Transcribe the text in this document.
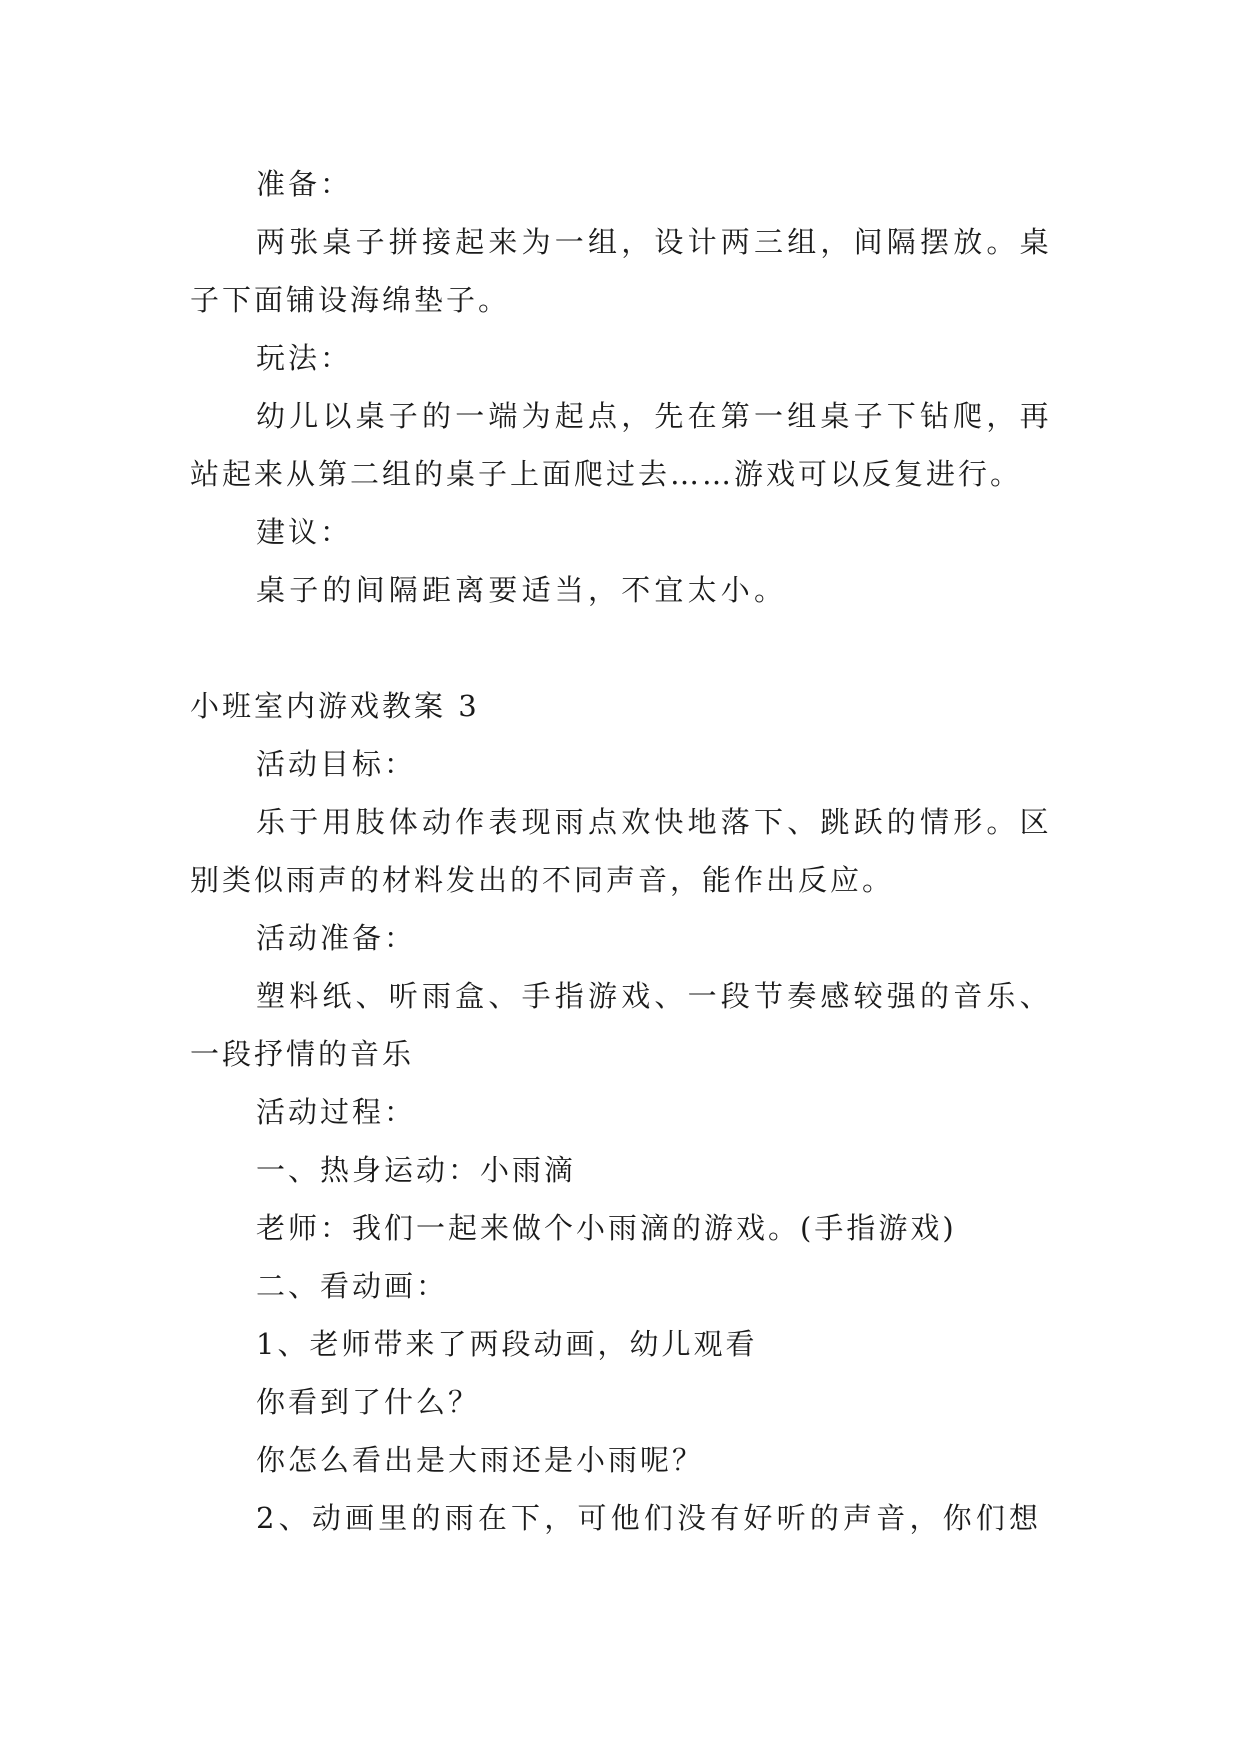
准备：
两张桌子拼接起来为一组，设计两三组，间隔摆放。桌
子下面铺设海绵垫子。
玩法：
幼儿以桌子的一端为起点，先在第一组桌子下钻爬，再
站起来从第二组的桌子上面爬过去……游戏可以反复进行。
建议：
桌子的间隔距离要适当，不宜太小。
小班室内游戏教案 3
活动目标：
乐于用肢体动作表现雨点欢快地落下、跳跃的情形。区
别类似雨声的材料发出的不同声音，能作出反应。
活动准备：
塑料纸、听雨盒、手指游戏、一段节奏感较强的音乐、
一段抒情的音乐
活动过程：
一、热身运动：小雨滴
老师：我们一起来做个小雨滴的游戏。(手指游戏)
二、看动画：
1、老师带来了两段动画，幼儿观看
你看到了什么？
你怎么看出是大雨还是小雨呢？
2、动画里的雨在下，可他们没有好听的声音，你们想
